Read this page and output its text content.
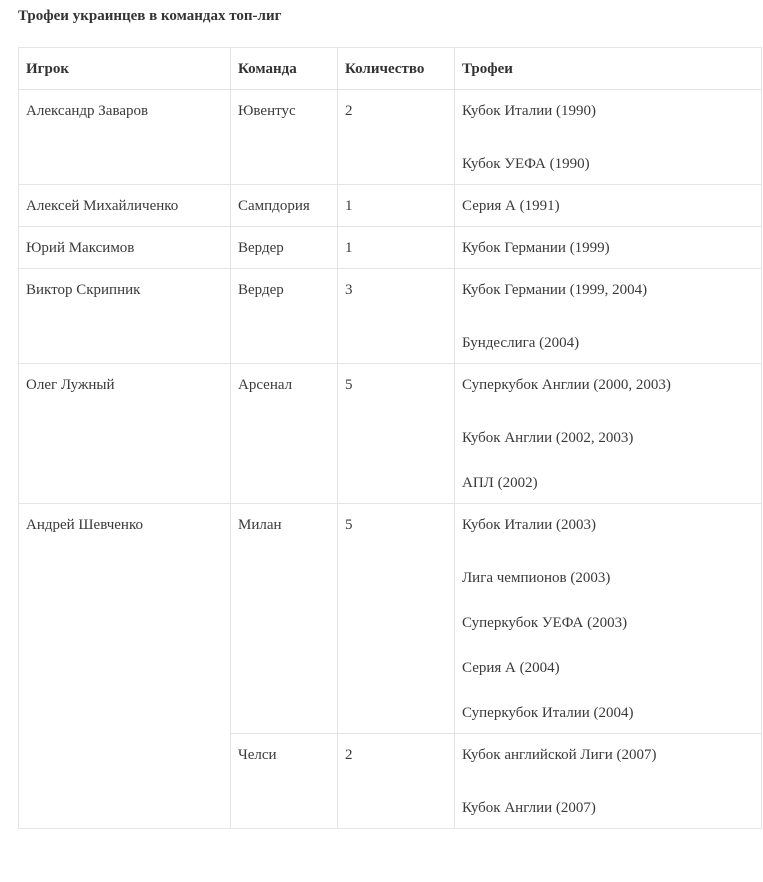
Трофеи украинцев в командах топ-лиг
Игрок	Команда	Количество	Трофеи
Александр Заваров	Ювентус	2	Кубок Италии (1990)
Кубок УЕФА (1990)

Алексей Михайличенко	Сампдория	1	Серия А (1991)

Юрий Максимов	Вердер	1	Кубок Германии (1999)

Виктор Скрипник	Вердер	3	Кубок Германии (1999, 2004)
Бундеслига (2004)

Олег Лужный	Арсенал	5	Суперкубок Англии (2000, 2003)
Кубок Англии (2002, 2003)
АПЛ (2002)

Андрей Шевченко	Милан	5	Кубок Италии (2003)
Лига чемпионов (2003)
Суперкубок УЕФА (2003)
Серия А (2004)
Суперкубок Италии (2004)

	Челси	2	Кубок английской Лиги (2007)
Кубок Англии (2007)
